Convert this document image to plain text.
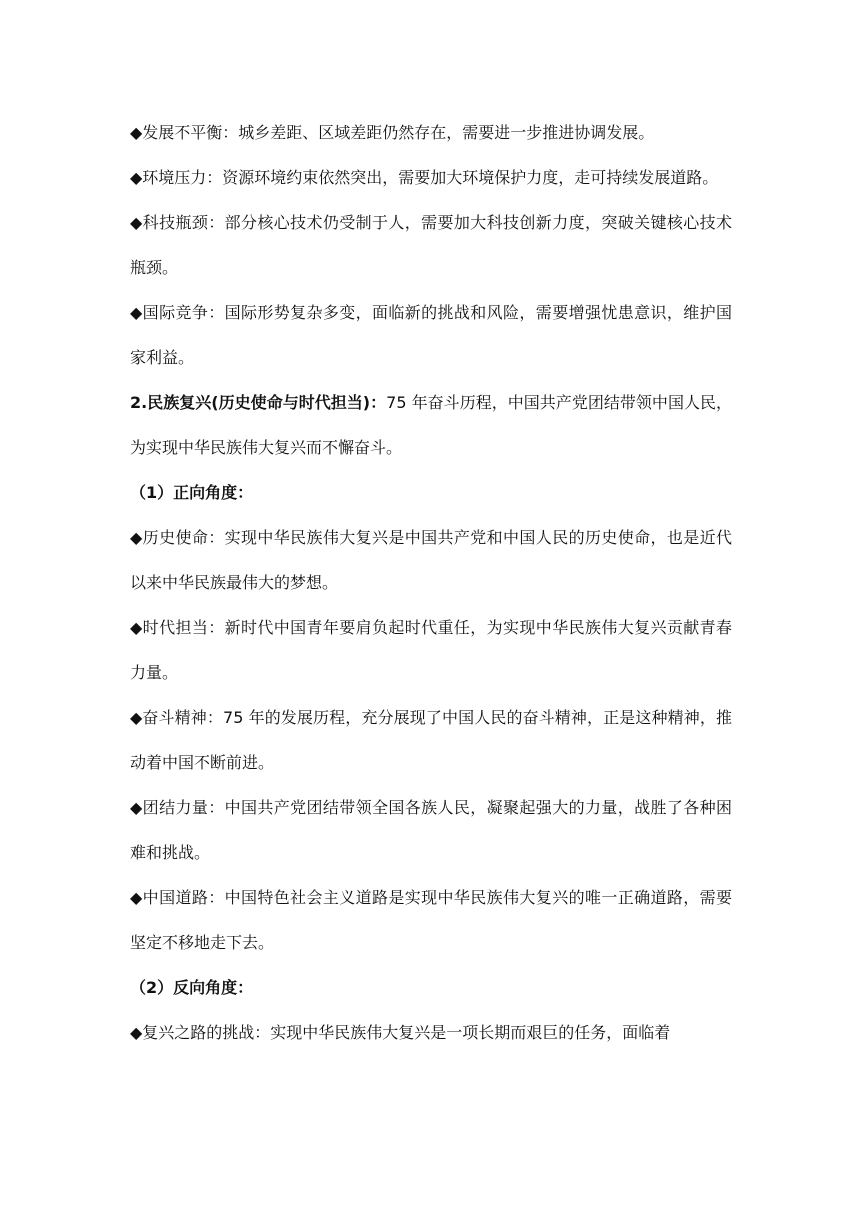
◆发展不平衡：城乡差距、区域差距仍然存在，需要进一步推进协调发展。

◆环境压力：资源环境约束依然突出，需要加大环境保护力度，走可持续发展道路。

◆科技瓶颈：部分核心技术仍受制于人，需要加大科技创新力度，突破关键核心技术瓶颈。

◆国际竞争：国际形势复杂多变，面临新的挑战和风险，需要增强忧患意识，维护国家利益。

2.民族复兴(历史使命与时代担当)：75 年奋斗历程，中国共产党团结带领中国人民，为实现中华民族伟大复兴而不懈奋斗。

（1）正向角度：

◆历史使命：实现中华民族伟大复兴是中国共产党和中国人民的历史使命，也是近代以来中华民族最伟大的梦想。

◆时代担当：新时代中国青年要肩负起时代重任，为实现中华民族伟大复兴贡献青春力量。

◆奋斗精神：75 年的发展历程，充分展现了中国人民的奋斗精神，正是这种精神，推动着中国不断前进。

◆团结力量：中国共产党团结带领全国各族人民，凝聚起强大的力量，战胜了各种困难和挑战。

◆中国道路：中国特色社会主义道路是实现中华民族伟大复兴的唯一正确道路，需要坚定不移地走下去。

（2）反向角度：

◆复兴之路的挑战：实现中华民族伟大复兴是一项长期而艰巨的任务，面临着
